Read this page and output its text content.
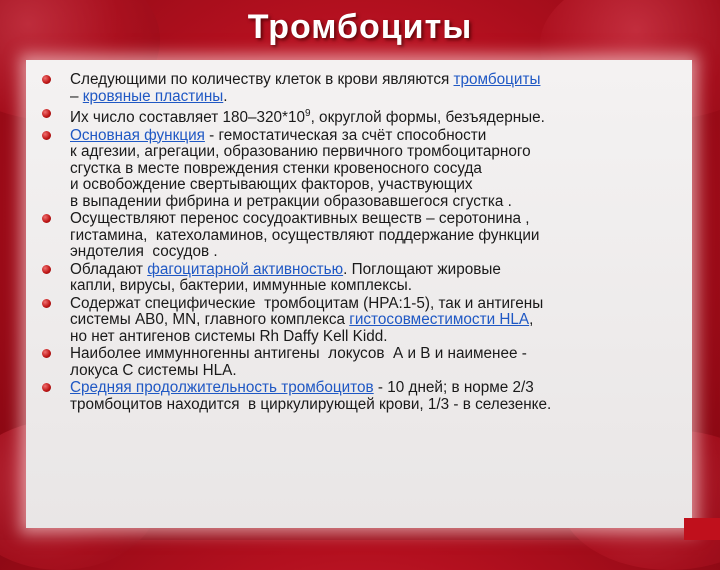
Тромбоциты
Следующими по количеству клеток в крови являются тромбоциты
– кровяные пластины.
Их число составляет $180-320*10^9$, округлой формы, безъядерные.
Основная функция - гемостатическая за счёт способности
к адгезии, агрегации, образованию первичного тромбоцитарного
сгустка в месте повреждения стенки кровеносного сосуда
и освобождение свертывающих факторов, участвующих
в выпадении фибрина и ретракции образовавшегося сгустка .
Осуществляют перенос сосудоактивных веществ – серотонина ,
гистамина,  катехоламинов, осуществляют поддержание функции
эндотелия  сосудов .
Обладают фагоцитарной активностью. Поглощают жировые
капли, вирусы, бактерии, иммунные комплексы.
Содержат специфические  тромбоцитам (HPA:1-5), так и антигены
системы АВ0, MN, главного комплекса гистосовместимости HLA,
но нет антигенов системы Rh Daffy Kell Kidd.
Наиболее иммунногенны антигены  локусов  А и В и наименее -
локуса С системы HLA.
Средняя продолжительность тромбоцитов - 10 дней; в норме 2/3
тромбоцитов находится  в циркулирующей крови, 1/3 - в селезенке.
